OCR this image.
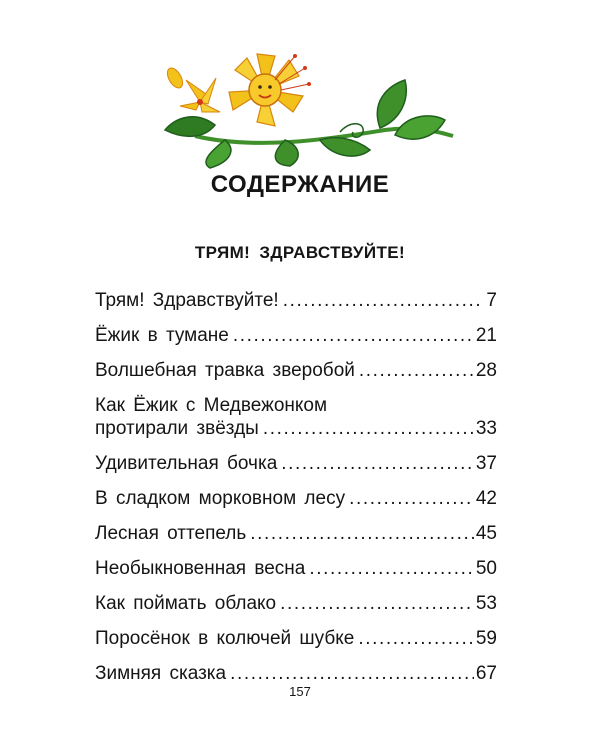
СОДЕРЖАНИЕ
ТРЯМ! ЗДРАВСТВУЙТЕ!
Трям! Здравствуйте! .....	7
Ёжик в тумане .....	21
Волшебная травка зверобой .....	28
Как Ёжик с Медвежонком
протирали звёзды .....	33
Удивительная бочка .....	37
В сладком морковном лесу .....	42
Лесная оттепель .....	45
Необыкновенная весна .....	50
Как поймать облако .....	53
Поросёнок в колючей шубке .....	59
Зимняя сказка .....	67

157
